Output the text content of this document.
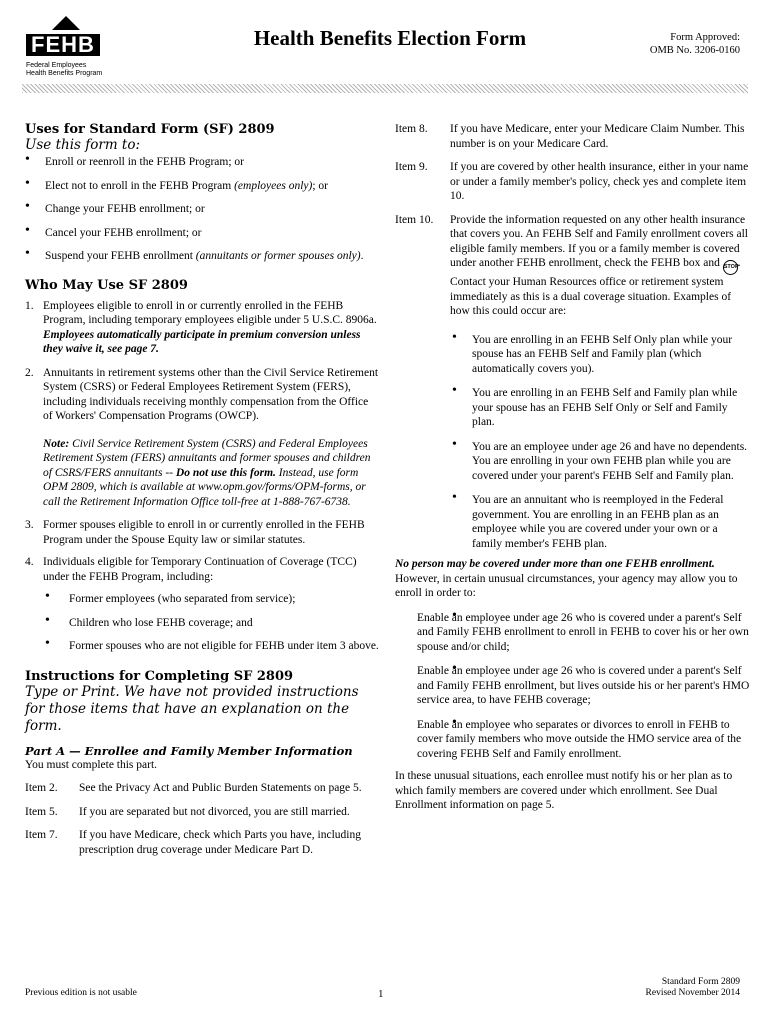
FEHB
Federal Employees
Health Benefits Program
Health Benefits Election Form	Form Approved:
OMB No. 3206-0160

Uses for Standard Form (SF) 2809

Use this form to:

• Enroll or reenroll in the FEHB Program; or
• Elect not to enroll in the FEHB Program (employees only); or
• Change your FEHB enrollment; or
• Cancel your FEHB enrollment; or
• Suspend your FEHB enrollment (annuitants or former spouses only).

Who May Use SF 2809

1. Employees eligible to enroll in or currently enrolled in the FEHB Program, including temporary employees eligible under 5 U.S.C. 8906a. Employees automatically participate in premium conversion unless they waive it, see page 7.
2. Annuitants in retirement systems other than the Civil Service Retirement System (CSRS) or Federal Employees Retirement System (FERS), including individuals receiving monthly compensation from the Office of Workers' Compensation Programs (OWCP).
Note: Civil Service Retirement System (CSRS) and Federal Employees Retirement System (FERS) annuitants and former spouses and children of CSRS/FERS annuitants -- Do not use this form. Instead, use form OPM 2809, which is available at www.opm.gov/forms/OPM-forms, or call the Retirement Information Office toll-free at 1-888-767-6738.
3. Former spouses eligible to enroll in or currently enrolled in the FEHB Program under the Spouse Equity law or similar statutes.
4. Individuals eligible for Temporary Continuation of Coverage (TCC) under the FEHB Program, including:
• Former employees (who separated from service);
• Children who lose FEHB coverage; and
• Former spouses who are not eligible for FEHB under item 3 above.

Instructions for Completing SF 2809

Type or Print. We have not provided instructions for those items that have an explanation on the form.

Part A — Enrollee and Family Member Information

You must complete this part.

Item 2. See the Privacy Act and Public Burden Statements on page 5.
Item 5. If you are separated but not divorced, you are still married.
Item 7. If you have Medicare, check which Parts you have, including prescription drug coverage under Medicare Part D.
Item 8. If you have Medicare, enter your Medicare Claim Number. This number is on your Medicare Card.
Item 9. If you are covered by other health insurance, either in your name or under a family member's policy, check yes and complete item 10.
Item 10. Provide the information requested on any other health insurance that covers you. An FEHB Self and Family enrollment covers all eligible family members. If you or a family member is covered under another FEHB enrollment, check the FEHB box and STOP. Contact your Human Resources office or retirement system immediately as this is a dual coverage situation. Examples of how this could occur are:
• You are enrolling in an FEHB Self Only plan while your spouse has an FEHB Self and Family plan (which automatically covers you).
• You are enrolling in an FEHB Self and Family plan while your spouse has an FEHB Self Only or Self and Family plan.
• You are an employee under age 26 and have no dependents. You are enrolling in your own FEHB plan while you are covered under your parent's FEHB Self and Family plan.
• You are an annuitant who is reemployed in the Federal government. You are enrolling in an FEHB plan as an employee while you are covered under your own or a family member's FEHB plan.
No person may be covered under more than one FEHB enrollment. However, in certain unusual circumstances, your agency may allow you to enroll in order to:
• Enable an employee under age 26 who is covered under a parent's Self and Family FEHB enrollment to enroll in FEHB to cover his or her own spouse and/or child;
• Enable an employee under age 26 who is covered under a parent's Self and Family FEHB enrollment, but lives outside his or her parent's HMO service area, to have FEHB coverage;
• Enable an employee who separates or divorces to enroll in FEHB to cover family members who move outside the HMO service area of the covering FEHB Self and Family enrollment.
In these unusual situations, each enrollee must notify his or her plan as to which family members are covered under which enrollment. See Dual Enrollment information on page 5.
Previous edition is not usable	1
Standard Form 2809
Revised November 2014
